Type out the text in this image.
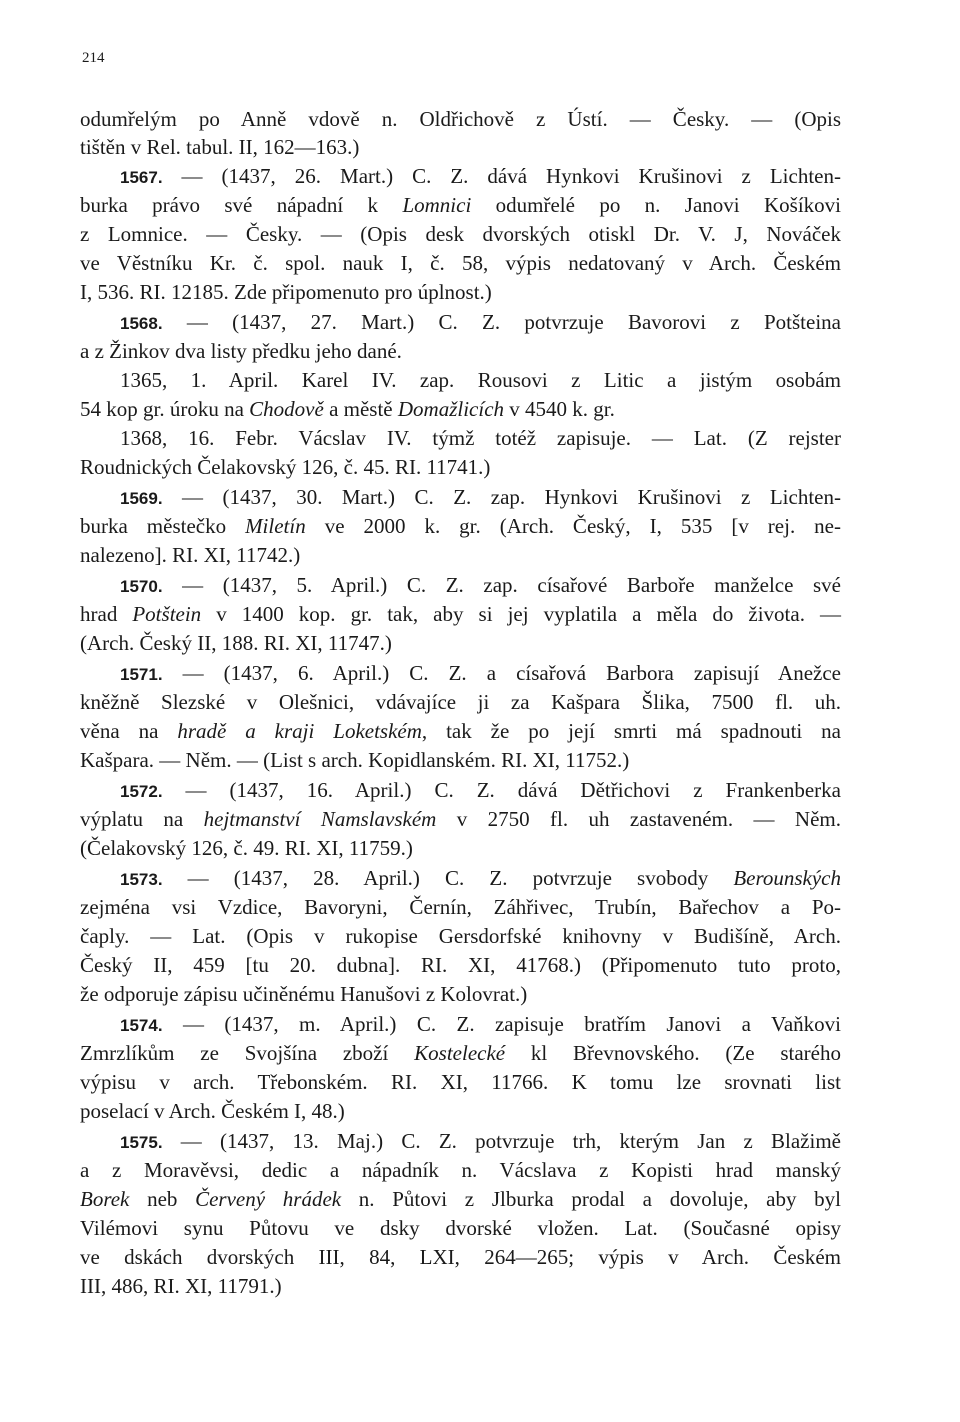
214
odumřelým po Anně vdově n. Oldřichově z Ústí. — Česky. — (Opis
tištěn v Rel. tabul. II, 162—163.)
1567. — (1437, 26. Mart.) C. Z. dává Hynkovi Krušinovi z Lichten-
burka právo své nápadní k Lomnici odumřelé po n. Janovi Košíkovi
z Lomnice. — Česky. — (Opis desk dvorských otiskl Dr. V. J, Nováček
ve Věstníku Kr. č. spol. nauk I, č. 58, výpis nedatovaný v Arch. Českém
I, 536. RI. 12185. Zde připomenuto pro úplnost.)
1568. — (1437, 27. Mart.) C. Z. potvrzuje Bavorovi z Potšteina
a z Žinkov dva listy předku jeho dané.
1365, 1. April. Karel IV. zap. Rousovi z Litic a jistým osobám
54 kop gr. úroku na Chodově a městě Domažlicích v 4540 k. gr.
1368, 16. Febr. Vácslav IV. týmž totéž zapisuje. — Lat. (Z rejster
Roudnických Čelakovský 126, č. 45. RI. 11741.)
1569. — (1437, 30. Mart.) C. Z. zap. Hynkovi Krušinovi z Lichten-
burka městečko Miletín ve 2000 k. gr. (Arch. Český, I, 535 [v rej. ne-
nalezeno]. RI. XI, 11742.)
1570. — (1437, 5. April.) C. Z. zap. císařové Barboře manželce své
hrad Potštein v 1400 kop. gr. tak, aby si jej vyplatila a měla do života. —
(Arch. Český II, 188. RI. XI, 11747.)
1571. — (1437, 6. April.) C. Z. a císařová Barbora zapisují Anežce
kněžně Slezské v Olešnici, vdávajíce ji za Kašpara Šlika, 7500 fl. uh.
věna na hradě a kraji Loketském, tak že po její smrti má spadnouti na
Kašpara. — Něm. — (List s arch. Kopidlanském. RI. XI, 11752.)
1572. — (1437, 16. April.) C. Z. dává Dětřichovi z Frankenberka
výplatu na hejtmanství Namslavském v 2750 fl. uh zastaveném. — Něm.
(Čelakovský 126, č. 49. RI. XI, 11759.)
1573. — (1437, 28. April.) C. Z. potvrzuje svobody Berounských
zejména vsi Vzdice, Bavoryni, Černín, Záhřivec, Trubín, Bařechov a Po-
čaply. — Lat. (Opis v rukopise Gersdorfské knihovny v Budišíně, Arch.
Český II, 459 [tu 20. dubna]. RI. XI, 41768.) (Připomenuto tuto proto,
že odporuje zápisu učiněnému Hanušovi z Kolovrat.)
1574. — (1437, m. April.) C. Z. zapisuje bratřím Janovi a Vaňkovi
Zmrzlíkům ze Svojšína zboží Kostelecké kl Břevnovského. (Ze starého
výpisu v arch. Třebonském. RI. XI, 11766. K tomu lze srovnati list
poselací v Arch. Českém I, 48.)
1575. — (1437, 13. Maj.) C. Z. potvrzuje trh, kterým Jan z Blažimě
a z Moravěvsi, dedic a nápadník n. Vácslava z Kopisti hrad manský
Borek neb Červený hrádek n. Půtovi z Jlburka prodal a dovoluje, aby byl
Vilémovi synu Půtovu ve dsky dvorské vložen. Lat. (Současné opisy
ve dskách dvorských III, 84, LXI, 264—265; výpis v Arch. Českém
III, 486, RI. XI, 11791.)
